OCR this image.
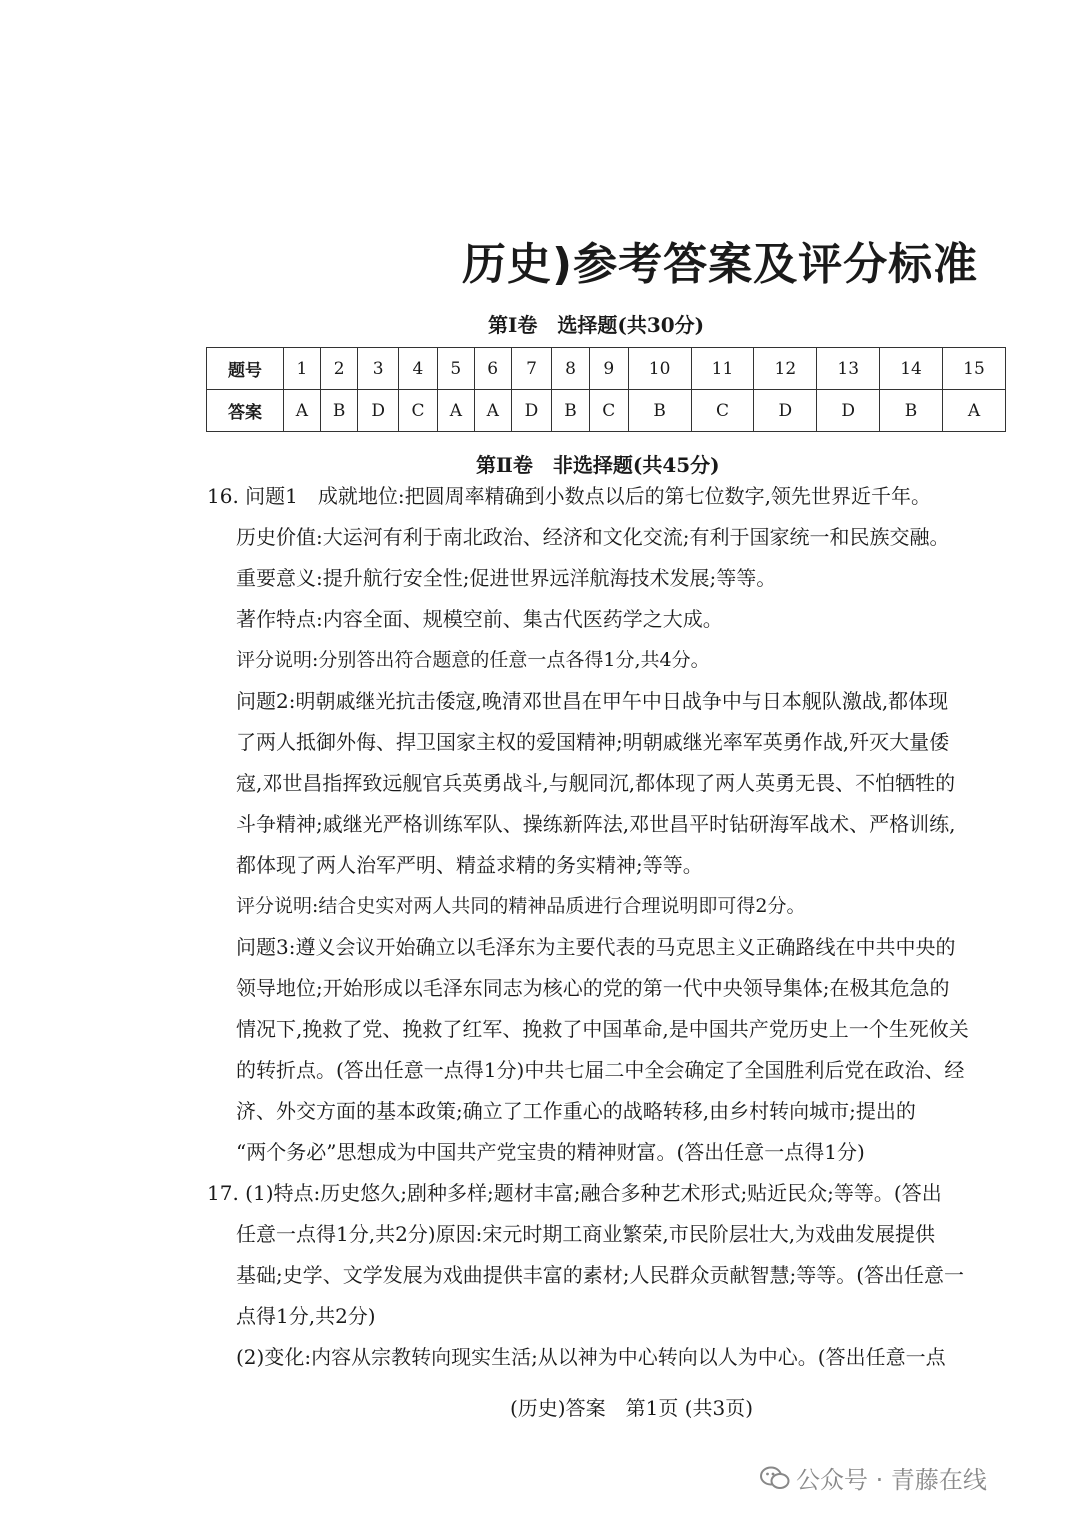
历史)参考答案及评分标准
第Ⅰ卷　选择题(共30分)
题号	1	2	3	4	5	6	7	8	9	10	11	12	13	14	15
答案	A	B	D	C	A	A	D	B	C	B	C	D	D	B	A
第Ⅱ卷　非选择题(共45分)
16. 问题1　成就地位:把圆周率精确到小数点以后的第七位数字,领先世界近千年。
历史价值:大运河有利于南北政治、经济和文化交流;有利于国家统一和民族交融。
重要意义:提升航行安全性;促进世界远洋航海技术发展;等等。
著作特点:内容全面、规模空前、集古代医药学之大成。
评分说明:分别答出符合题意的任意一点各得1分,共4分。
问题2:明朝戚继光抗击倭寇,晚清邓世昌在甲午中日战争中与日本舰队激战,都体现
了两人抵御外侮、捍卫国家主权的爱国精神;明朝戚继光率军英勇作战,歼灭大量倭
寇,邓世昌指挥致远舰官兵英勇战斗,与舰同沉,都体现了两人英勇无畏、不怕牺牲的
斗争精神;戚继光严格训练军队、操练新阵法,邓世昌平时钻研海军战术、严格训练,
都体现了两人治军严明、精益求精的务实精神;等等。
评分说明:结合史实对两人共同的精神品质进行合理说明即可得2分。
问题3:遵义会议开始确立以毛泽东为主要代表的马克思主义正确路线在中共中央的
领导地位;开始形成以毛泽东同志为核心的党的第一代中央领导集体;在极其危急的
情况下,挽救了党、挽救了红军、挽救了中国革命,是中国共产党历史上一个生死攸关
的转折点。(答出任意一点得1分)中共七届二中全会确定了全国胜利后党在政治、经
济、外交方面的基本政策;确立了工作重心的战略转移,由乡村转向城市;提出的
“两个务必”思想成为中国共产党宝贵的精神财富。(答出任意一点得1分)
17. (1)特点:历史悠久;剧种多样;题材丰富;融合多种艺术形式;贴近民众;等等。(答出
任意一点得1分,共2分)原因:宋元时期工商业繁荣,市民阶层壮大,为戏曲发展提供
基础;史学、文学发展为戏曲提供丰富的素材;人民群众贡献智慧;等等。(答出任意一
点得1分,共2分)
(2)变化:内容从宗教转向现实生活;从以神为中心转向以人为中心。(答出任意一点
(历史)答案　第1页 (共3页)
公众号 · 青藤在线
